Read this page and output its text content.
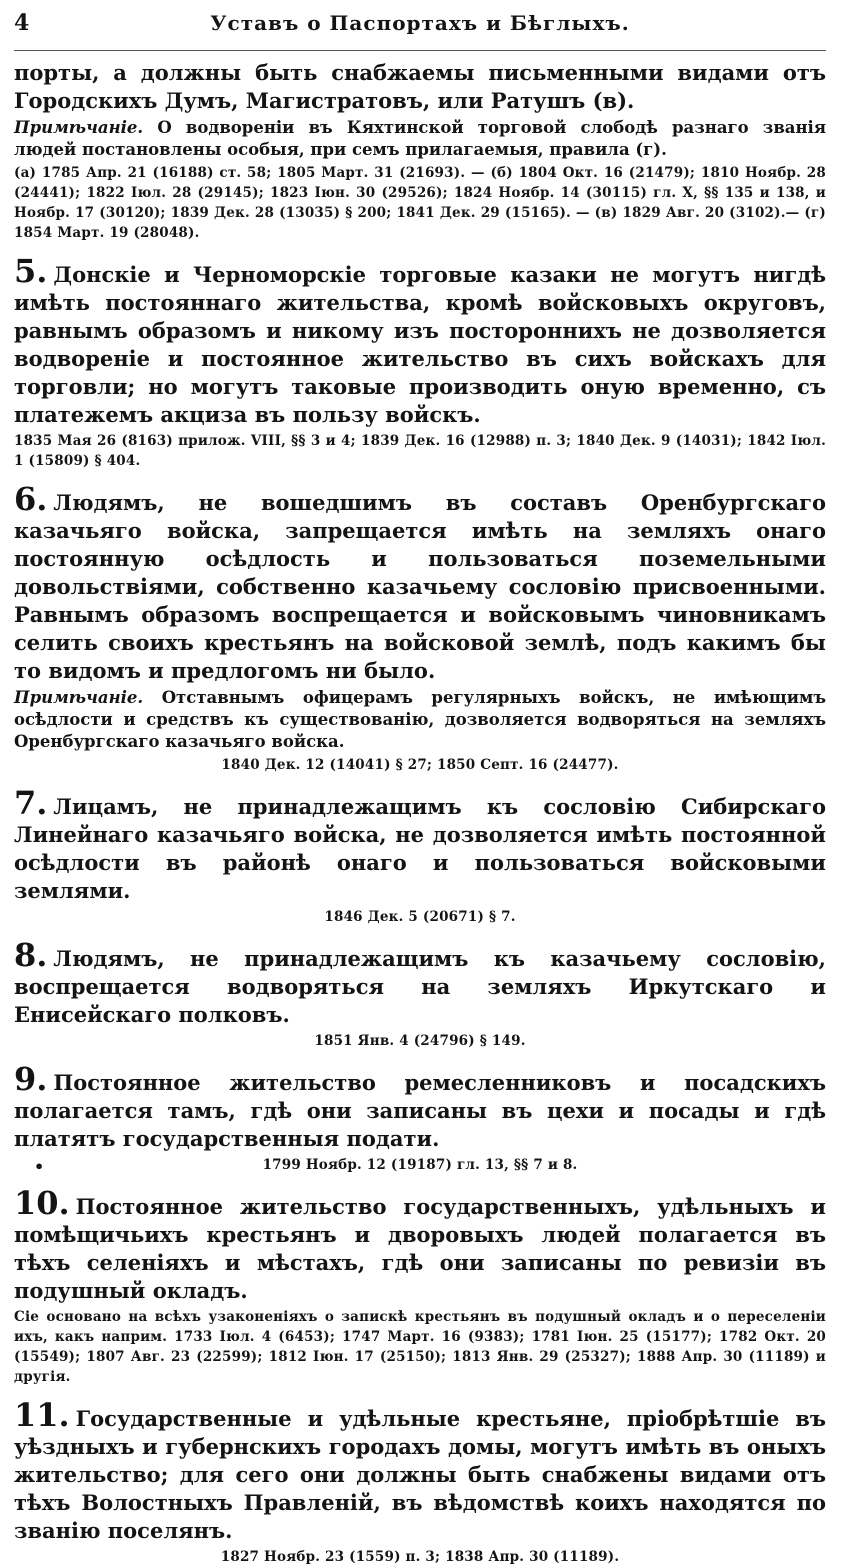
4	Уставъ о Паспортахъ и Бѣглыхъ.

порты, а должны быть снабжаемы письменными видами отъ Городскихъ Думъ, Магистратовъ, или Ратушъ (в).

Примѣчаніе. О водвореніи въ Кяхтинской торговой слободѣ разнаго званія людей постановлены особыя, при семъ прилагаемыя, правила (г).

(а) 1785 Апр. 21 (16188) ст. 58; 1805 Март. 31 (21693). — (б) 1804 Окт. 16 (21479); 1810 Ноябр. 28 (24441); 1822 Іюл. 28 (29145); 1823 Іюн. 30 (29526); 1824 Ноябр. 14 (30115) гл. X, §§ 135 и 138, и Ноябр. 17 (30120); 1839 Дек. 28 (13035) § 200; 1841 Дек. 29 (15165). — (в) 1829 Авг. 20 (3102).— (г) 1854 Март. 19 (28048).

5. Донскіе и Черноморскіе торговые казаки не могутъ нигдѣ имѣть постояннаго жительства, кромѣ войсковыхъ округовъ, равнымъ образомъ и никому изъ постороннихъ не дозволяется водвореніе и постоянное жительство въ сихъ войскахъ для торговли; но могутъ таковые производить оную временно, съ платежемъ акциза въ пользу войскъ.

1835 Мая 26 (8163) прилож. VIII, §§ 3 и 4; 1839 Дек. 16 (12988) п. 3; 1840 Дек. 9 (14031); 1842 Іюл. 1 (15809) § 404.

6. Людямъ, не вошедшимъ въ составъ Оренбургскаго казачьяго войска, запрещается имѣть на земляхъ онаго постоянную осѣдлость и пользоваться поземельными довольствіями, собственно казачьему сословію присвоенными. Равнымъ образомъ воспрещается и войсковымъ чиновникамъ селить своихъ крестьянъ на войсковой землѣ, подъ какимъ бы то видомъ и предлогомъ ни было.

Примѣчаніе. Отставнымъ офицерамъ регулярныхъ войскъ, не имѣющимъ осѣдлости и средствъ къ существованію, дозволяется водворяться на земляхъ Оренбургскаго казачьяго войска.

1840 Дек. 12 (14041) § 27; 1850 Септ. 16 (24477).

7. Лицамъ, не принадлежащимъ къ сословію Сибирскаго Линейнаго казачьяго войска, не дозволяется имѣть постоянной осѣдлости въ районѣ онаго и пользоваться войсковыми землями.

1846 Дек. 5 (20671) § 7.

8. Людямъ, не принадлежащимъ къ казачьему сословію, воспрещается водворяться на земляхъ Иркутскаго и Енисейскаго полковъ.

1851 Янв. 4 (24796) § 149.

9. Постоянное жительство ремесленниковъ и посадскихъ полагается тамъ, гдѣ они записаны въ цехи и посады и гдѣ платятъ государственныя подати.

•	1799 Ноябр. 12 (19187) гл. 13, §§ 7 и 8.

10. Постоянное жительство государственныхъ, удѣльныхъ и помѣщичьихъ крестьянъ и дворовыхъ людей полагается въ тѣхъ селеніяхъ и мѣстахъ, гдѣ они записаны по ревизіи въ подушный окладъ.

Сіе основано на всѣхъ узаконеніяхъ о запискѣ крестьянъ въ подушный окладъ и о переселеніи ихъ, какъ наприм. 1733 Іюл. 4 (6453); 1747 Март. 16 (9383); 1781 Іюн. 25 (15177); 1782 Окт. 20 (15549); 1807 Авг. 23 (22599); 1812 Іюн. 17 (25150); 1813 Янв. 29 (25327); 1888 Апр. 30 (11189) и другія.

11. Государственные и удѣльные крестьяне, пріобрѣтшіе въ уѣздныхъ и губернскихъ городахъ домы, могутъ имѣть въ оныхъ жительство; для сего они должны быть снабжены видами отъ тѣхъ Волостныхъ Правленій, въ вѣдомствѣ коихъ находятся по званію поселянъ.

1827 Ноябр. 23 (1559) п. 3; 1838 Апр. 30 (11189).
